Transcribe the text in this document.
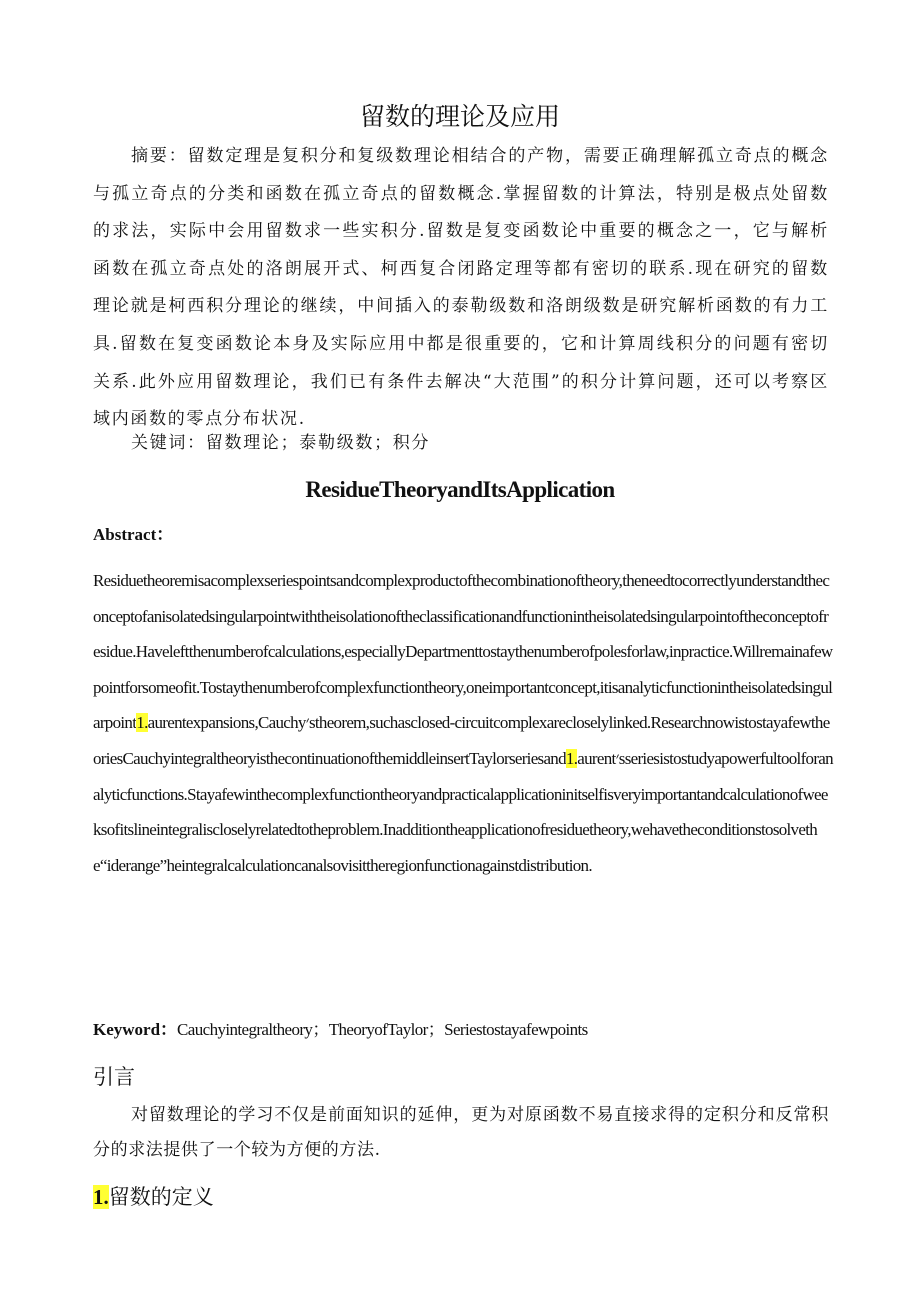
留数的理论及应用

摘要：留数定理是复积分和复级数理论相结合的产物，需要正确理解孤立奇点的概念与孤立奇点的分类和函数在孤立奇点的留数概念.掌握留数的计算法，特别是极点处留数的求法，实际中会用留数求一些实积分.留数是复变函数论中重要的概念之一，它与解析函数在孤立奇点处的洛朗展开式、柯西复合闭路定理等都有密切的联系.现在研究的留数理论就是柯西积分理论的继续，中间插入的泰勒级数和洛朗级数是研究解析函数的有力工具.留数在复变函数论本身及实际应用中都是很重要的，它和计算周线积分的问题有密切关系.此外应用留数理论，我们已有条件去解决“大范围”的积分计算问题，还可以考察区域内函数的零点分布状况.

关键词：留数理论；泰勒级数；积分
ResidueTheoryandItsApplication
Abstract：

Residuetheoremisacomplexseriespointsandcomplexproductofthecombinationoftheory,theneedtocorrectlyunderstandtheconceptofanisolatedsingularpointwiththeisolationoftheclassificationandfunctionintheisolatedsingularpointoftheconceptofresidue.Haveleftthenumberofcalculations,especiallyDepartmenttostaythenumberofpolesforlaw,inpractice.Willremainafewpointforsomeofit.Tostaythenumberofcomplexfunctiontheory,oneimportantconcept,itisanalyticfunctionintheisolatedsingularpoint1.aurentexpansions,Cauchy׳stheorem,suchasclosed-circuitcomplexarecloselylinked.ResearchnowistostayafewtheoriesCauchyintegraltheoryisthecontinuationofthemiddleinsertTaylorseriesand1.aurent׳sseriesistostudyapowerfultoolforanalyticfunctions.Stayafewinthecomplexfunctiontheoryandpracticalapplicationinitselfisveryimportantandcalculationofweeksofitslineintegraliscloselyrelatedtotheproblem.Inadditiontheapplicationofresiduetheory,wehavetheconditionstosolvethe“iderange”heintegralcalculationcanalsovisittheregionfunctionagainstdistribution.

Keyword：Cauchyintegraltheory；TheoryofTaylor；Seriestostayafewpoints
引言

对留数理论的学习不仅是前面知识的延伸，更为对原函数不易直接求得的定积分和反常积分的求法提供了一个较为方便的方法.

1.留数的定义
